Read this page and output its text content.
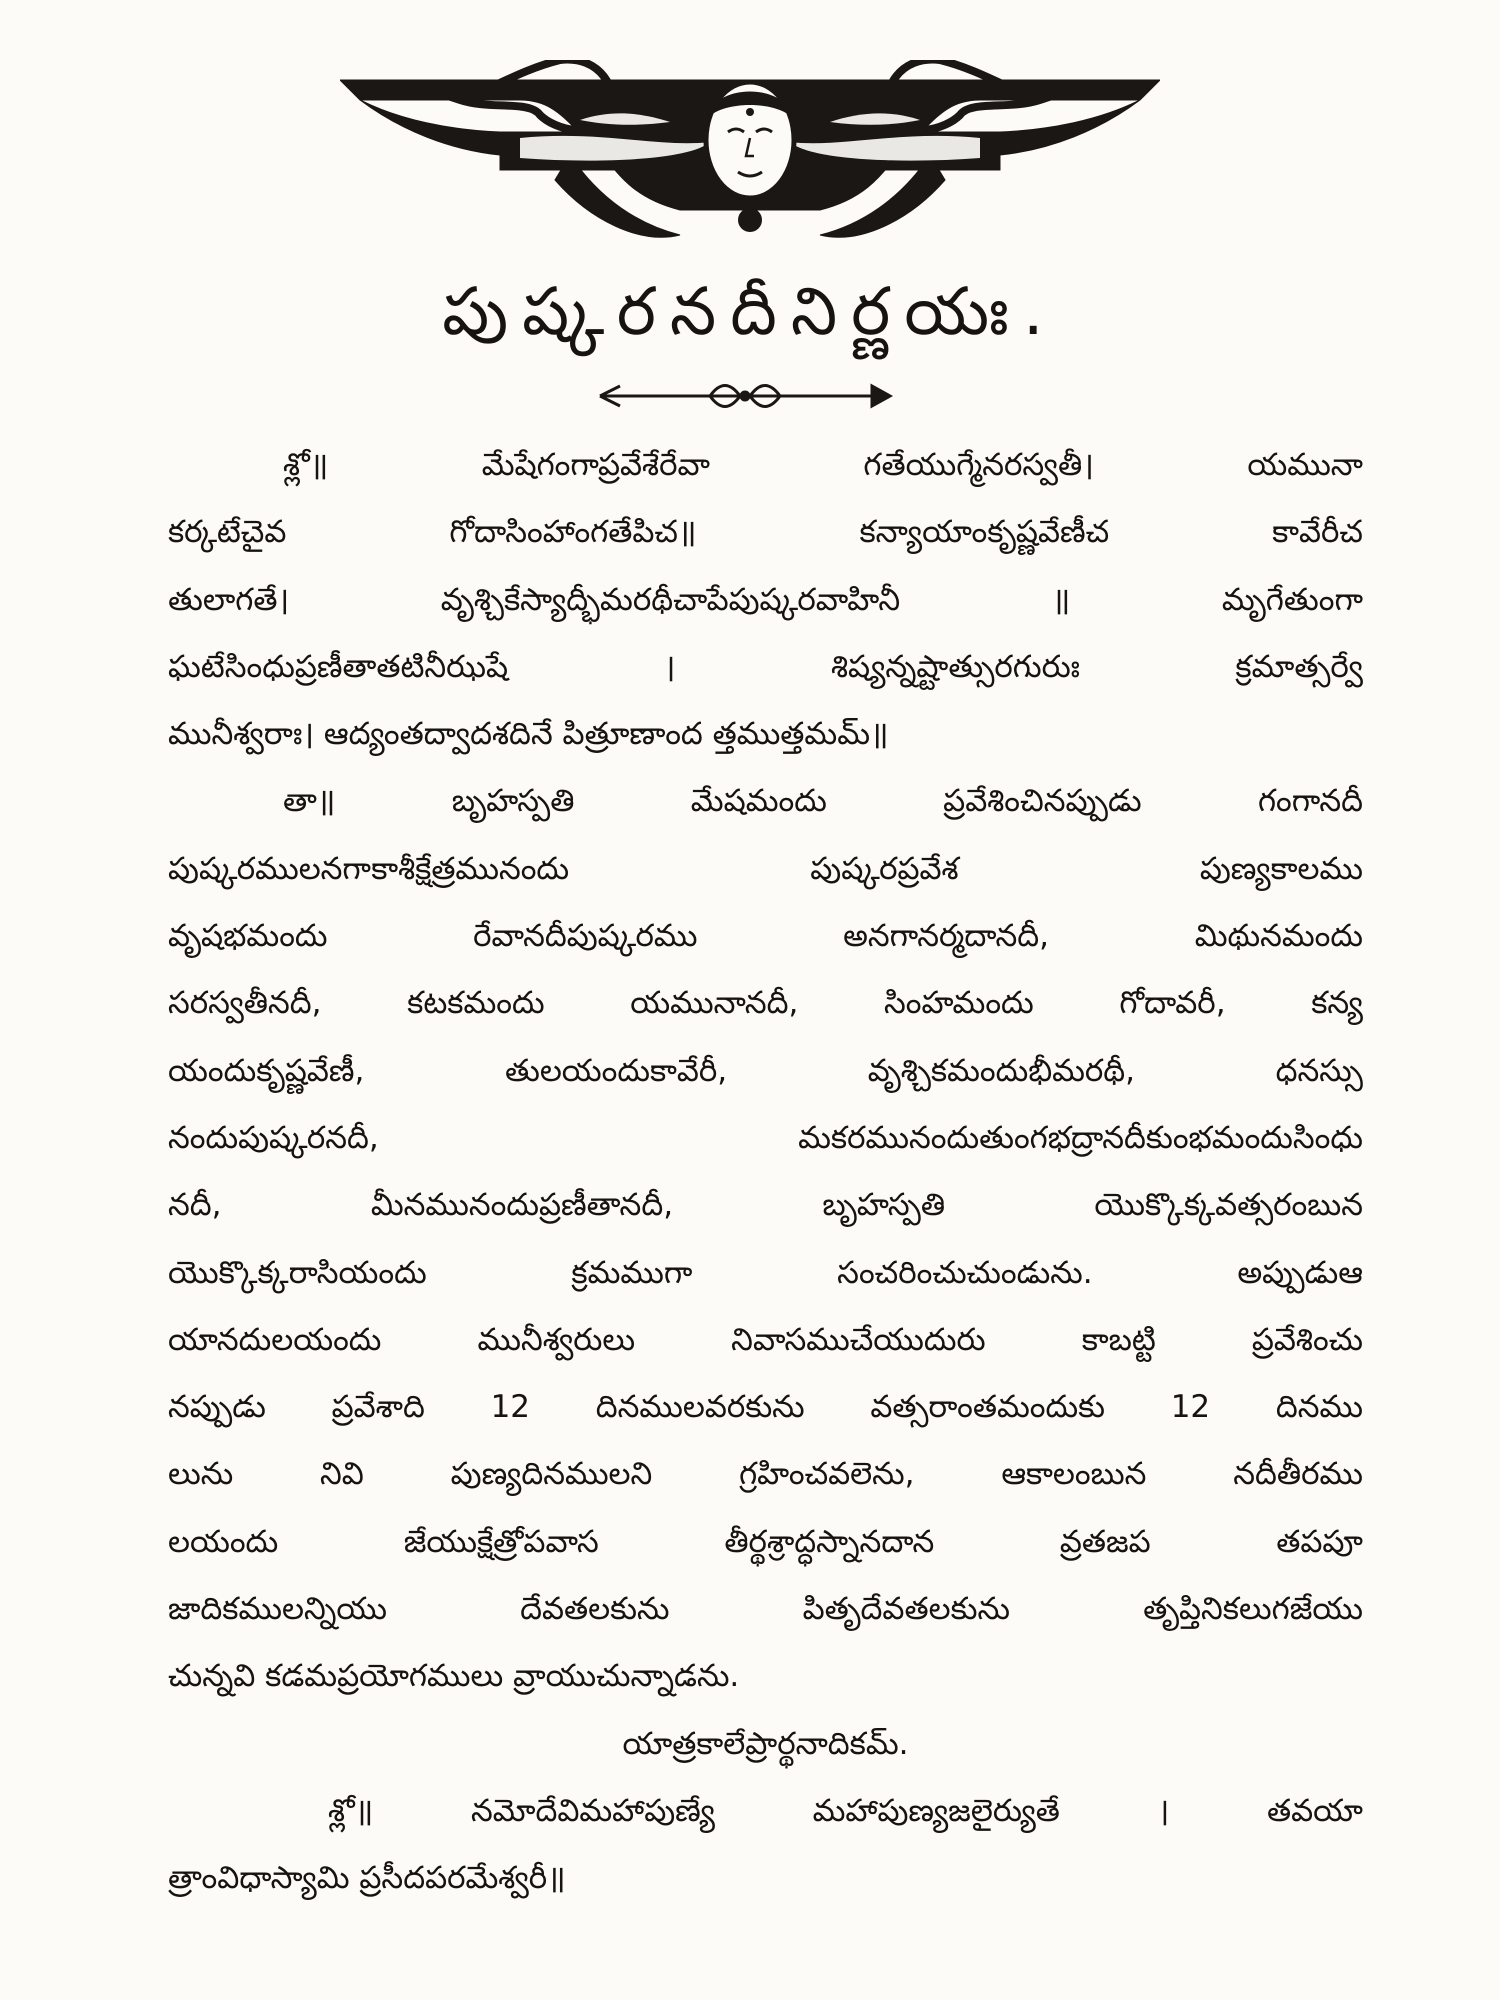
పుష్కరనదీనిర్ణయః.
శ్లో॥ మేషేగంగాప్రవేశేరేవా గతేయుగ్మేనరస్వతీ। యమునా
కర్కటేచైవ గోదాసింహాంగతేపిచ॥ కన్యాయాంకృష్ణవేణీచ కావేరీచ
తులాగతే। వృశ్చికేస్యాద్భీమరథీచాపేపుష్కరవాహినీ ॥ మృగేతుంగా
ఘటేసింధుప్రణీతాతటినీఝషే । శిష్యన్నష్టాత్సురగురుః క్రమాత్సర్వే
మునీశ్వరాః। ఆద్యంతద్వాదశదినే పిత్రూణాంద త్తముత్తమమ్॥
తా॥ బృహస్పతి మేషమందు ప్రవేశించినప్పుడు గంగానదీ
పుష్కరములనగాకాశీక్షేత్రమునందు పుష్కరప్రవేశ పుణ్యకాలము
వృషభమందు రేవానదీపుష్కరము అనగానర్మదానదీ, మిథునమందు
సరస్వతీనదీ, కటకమందు యమునానదీ, సింహమందు గోదావరీ, కన్య
యందుకృష్ణవేణీ, తులయందుకావేరీ, వృశ్చికమందుభీమరథీ, ధనస్సు
నందుపుష్కరనదీ, మకరమునందుతుంగభద్రానదీకుంభమందుసింధు
నదీ, మీనమునందుప్రణీతానదీ, బృహస్పతి యొక్కొక్కవత్సరంబున
యొక్కొక్కరాసియందు క్రమముగా సంచరించుచుండును. అప్పుడుఆ
యానదులయందు మునీశ్వరులు నివాసముచేయుదురు కాబట్టి ప్రవేశించు
నప్పుడు ప్రవేశాది 12 దినములవరకును వత్సరాంతమందుకు 12 దినము
లును నివి పుణ్యదినములని గ్రహించవలెను, ఆకాలంబున నదీతీరము
లయందు జేయుక్షేత్రోపవాస తీర్థశ్రాద్ధస్నానదాన వ్రతజప తపపూ
జాదికములన్నియు దేవతలకును పితృదేవతలకును తృప్తినికలుగజేయు
చున్నవి కడమప్రయోగములు వ్రాయుచున్నాడను.
యాత్రకాలేప్రార్థనాదికమ్.
శ్లో॥ నమోదేవిమహాపుణ్యే మహాపుణ్యజలైర్యుతే । తవయా
త్రాంవిధాస్యామి ప్రసీదపరమేశ్వరీ॥
